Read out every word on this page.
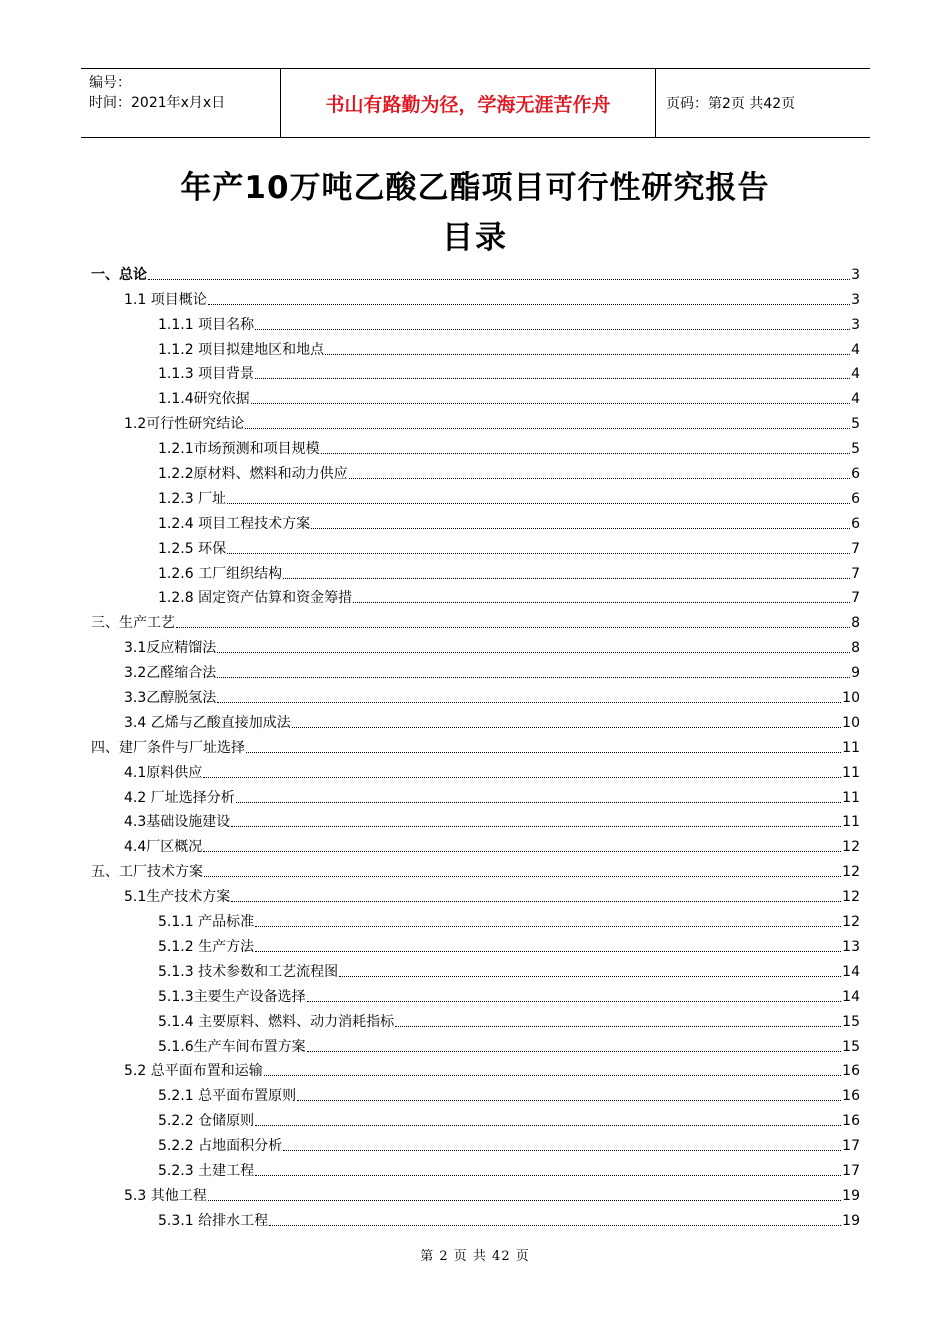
编号：
时间：2021年x月x日	书山有路勤为径，学海无涯苦作舟	页码：第2页 共42页
年产10万吨乙酸乙酯项目可行性研究报告
目录
一、总论	3
1.1 项目概论	3
1.1.1 项目名称	3
1.1.2 项目拟建地区和地点	4
1.1.3 项目背景	4
1.1.4研究依据	4
1.2可行性研究结论	5
1.2.1市场预测和项目规模	5
1.2.2原材料、燃料和动力供应	6
1.2.3 厂址	6
1.2.4 项目工程技术方案	6
1.2.5 环保	7
1.2.6 工厂组织结构	7
1.2.8 固定资产估算和资金筹措	7
三、生产工艺	8
3.1反应精馏法	8
3.2乙醛缩合法	9
3.3乙醇脱氢法	10
3.4 乙烯与乙酸直接加成法	10
四、建厂条件与厂址选择	11
4.1原料供应	11
4.2 厂址选择分析	11
4.3基础设施建设	11
4.4厂区概况	12
五、工厂技术方案	12
5.1生产技术方案	12
5.1.1 产品标准	12
5.1.2 生产方法	13
5.1.3 技术参数和工艺流程图	14
5.1.3主要生产设备选择	14
5.1.4 主要原料、燃料、动力消耗指标	15
5.1.6生产车间布置方案	15
5.2 总平面布置和运输	16
5.2.1 总平面布置原则	16
5.2.2 仓储原则	16
5.2.2 占地面积分析	17
5.2.3 土建工程	17
5.3 其他工程	19
5.3.1 给排水工程	19
第 2 页 共 42 页
